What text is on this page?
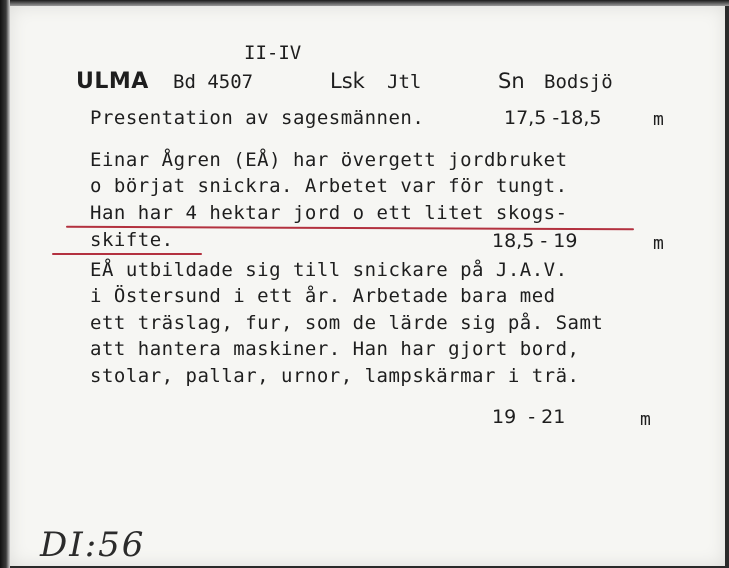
II-IV
ULMA Bd 4507	Lsk Jtl	Sn Bodsjö
Presentation av sagesmännen.	17,5 -18,5	m
Einar Ågren (EÅ) har övergett jordbruket
o börjat snickra. Arbetet var för tungt.
Han har 4 hektar jord o ett litet skogs-
skifte.	18,5 - 19	m
EÅ utbildade sig till snickare på J.A.V.
i Östersund i ett år. Arbetade bara med
ett träslag, fur, som de lärde sig på. Samt
att hantera maskiner. Han har gjort bord,
stolar, pallar, urnor, lampskärmar i trä.
19  - 21	m
DI:56
